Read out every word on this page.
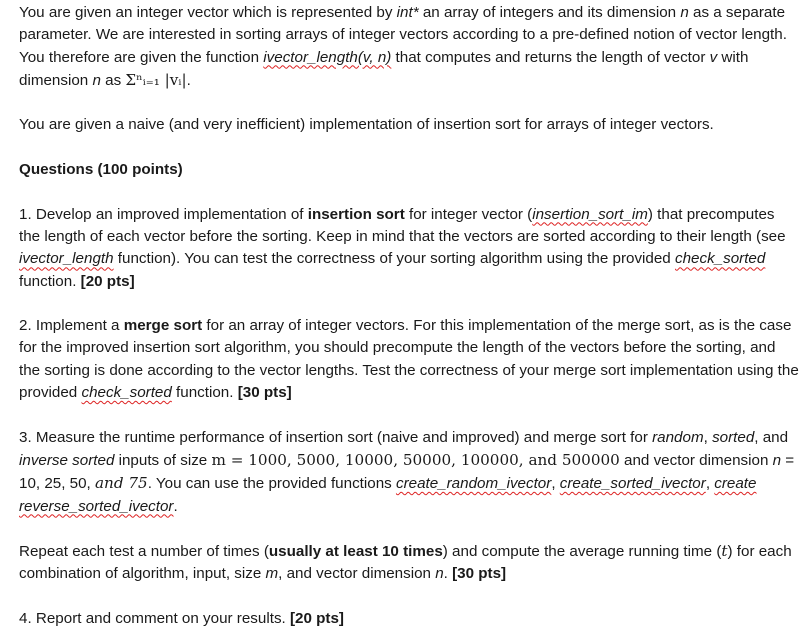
You are given an integer vector which is represented by int* an array of integers and its dimension n as a separate parameter. We are interested in sorting arrays of integer vectors according to a pre-defined notion of vector length. You therefore are given the function ivector_length(v, n) that computes and returns the length of vector v with dimension n as Σⁿᵢ₌₁ |vᵢ|.

You are given a naive (and very inefficient) implementation of insertion sort for arrays of integer vectors.

Questions (100 points)

1. Develop an improved implementation of insertion sort for integer vector (insertion_sort_im) that precomputes the length of each vector before the sorting. Keep in mind that the vectors are sorted according to their length (see ivector_length function). You can test the correctness of your sorting algorithm using the provided check_sorted function. [20 pts]

2. Implement a merge sort for an array of integer vectors. For this implementation of the merge sort, as is the case for the improved insertion sort algorithm, you should precompute the length of the vectors before the sorting, and the sorting is done according to the vector lengths. Test the correctness of your merge sort implementation using the provided check_sorted function. [30 pts]

3. Measure the runtime performance of insertion sort (naive and improved) and merge sort for random, sorted, and inverse sorted inputs of size m = 1000, 5000, 10000, 50000, 100000, and 500000 and vector dimension n = 10, 25, 50, and 75. You can use the provided functions create_random_ivector, create_sorted_ivector, create reverse_sorted_ivector.

Repeat each test a number of times (usually at least 10 times) and compute the average running time (t) for each combination of algorithm, input, size m, and vector dimension n. [30 pts]

4. Report and comment on your results. [20 pts]
